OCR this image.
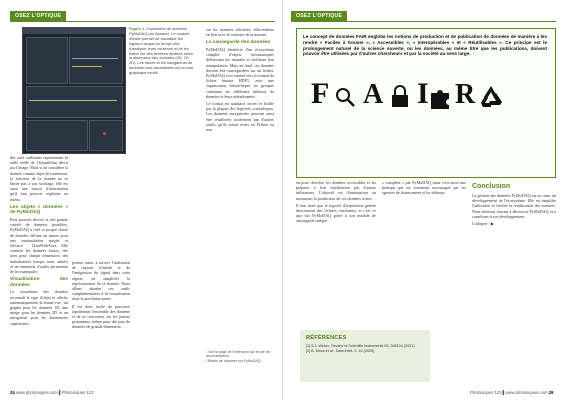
OSEZ L'OPTIQUE
Figure 1. Exploration de données PyMoDAQ par Bonacci. Le module Viewer permet de visualiser les signaux acquis en temps réel, d'analyser leurs contenus et de les traiter sur des fenêtres dédiées selon la dimension des données (0D, 1D, 2D). Les tracés et les navigateurs de données sont accessibles via un outil graphique intuitif.

des axes suffisants représentant la taille réelle de l'échantillon décrit par l'image. Mais si on considère la donnée comme objet de traitement, la fonction de la donnée ne se limite pas à son stockage, elle est aussi une source d'information qu'il faut pouvoir exploiter au mieux.

Les objets « données » de PyMoDAQ

Pour pouvoir décrire la très grande variété de données possibles, PyMoDAQ a créé sa propre classe de données définie au mieux pour une manipulation simple et efficace : DataWithAxes. Elle contient les données brutes, des axes pour chaque dimension, des métadonnées (temps, nom, unités) et un ensemble d'outils permettant de les manipuler.

Visualisation des données

Le visualiseur des données reconnaît le type d'objet et affiche automatiquement la bonne vue : un graphe pour les données 1D, une image pour les données 2D, et un navigateur pour les dimensions supérieures.

permet aussi, à travers l'utilisation de régions d'intérêt et de l'intégration du signal dans cette région, de simplifier la représentation de la donnée. Nous allons aborder ces outils complémentaires à la visualisation dans la prochaine partie.

Il est donc facile de parcourir rapidement l'ensemble des données et de se concentrer sur les parties pertinentes, même pour des jeux de données de grande dimension.

sur les données affichées, elles-mêmes en lien avec le contexte de la mesure.

La sauvegarde des données

PyMoDAQ bénéficie d'un écosystème complet d'objets informatiques définissant les données et facilitant leur manipulation. Mais au final, ces données doivent être sauvegardées sur un fichier. PyMoDAQ s'est orienté vers le format de fichier binaire HDF5, avec une organisation hiérarchique en groupes contenant les différents tableaux de données et leurs métadonnées.

Ce format est standard, ouvert et lisible par la plupart des logiciels scientifiques. Les données enregistrées peuvent ainsi être réutilisées facilement par d'autres outils, qu'ils soient écrits en Python ou non.

¹ Voir la page de l'extension sur le site de documentation.
² Bases de données sur PyMoDAQ.
24 www.photoniques.com ▌Photoniques 123
OSEZ L'OPTIQUE
Le concept de données FAIR englobe les notions de production et de publication de données de manière à les rendre « Faciles à trouver », « Accessibles », « Interopérables » et « Réutilisables ». Ce principe est le prolongement naturel de la science ouverte, où les données, au même titre que les publications, doivent pouvoir être utilisées par d'autres chercheurs et par la société au sens large.
F A I R

en pour chercher les données accessibles et les préparer à leur réutilisation par d'autres utilisateurs. L'objectif est d'automatiser au maximum la production de ces données riches.

Il faut donc que le logiciel d'acquisition génère directement des fichiers conformes, et c'est ce que fait PyMoDAQ grâce à son module de sauvegarde intégré.

« complète » par PyMoDAQ mais c'est aussi une pratique qui est fortement encouragée par les agences de financement et les éditeurs.

Conclusion

La gestion des données PyMoDAQ est au cœur du développement de l'écosystème. Elle en simplifie l'utilisation et facilite la réutilisation des mesures. Nous invitons chacun à découvrir PyMoDAQ et à contribuer à son développement.

L'adopter ! ▶

RÉFÉRENCES
[1] S.J. Weber, Review of Scientific Instruments 92, 045104 (2021)
[2] B. Mons et al., Data Intell. 2, 10 (2020)
Photoniques 123 ▌www.photoniques.com 29
